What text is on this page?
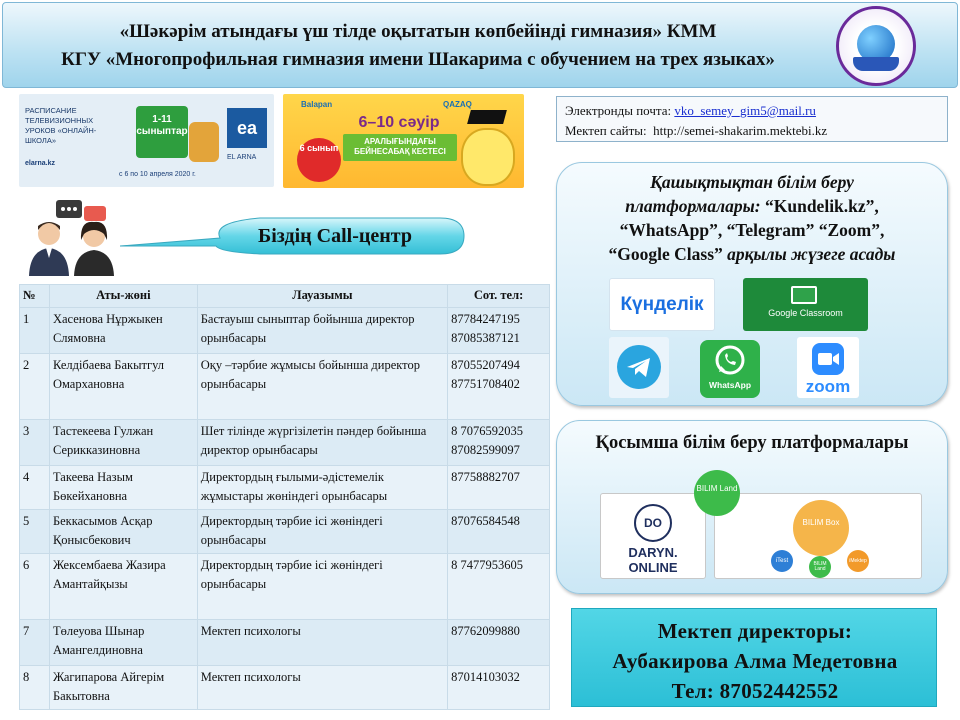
«Шәкәрім атындағы үш тілде оқытатын көпбейінді гимназия» КММ
КГУ «Многопрофильная гимназия имени Шакарима с обучением на трех языках»
РАСПИСАНИЕ ТЕЛЕВИЗИОННЫХ УРОКОВ «ОНЛАЙН-ШКОЛА»
1-11 сыныптар	ea
EL ARNA
elarna.kz
с 6 по 10 апреля 2020 г.
Balapan	QAZAQ
6–10 сәуір
АРАЛЫҒЫНДАҒЫ БЕЙНЕСАБАҚ КЕСТЕСІ
6 сынып
Біздің Call-центр
№	Аты-жөні	Лауазымы	Сот. тел:
1	Хасенова Нұржыкен Слямовна	Бастауыш сыныптар бойынша директор орынбасары	87784247195
87085387121

2	Келдібаева Бакытгул Омархановна	Оқу –тәрбие жұмысы бойынша директор орынбасары	87055207494
87751708402

3	Тастекеева Гулжан Серикказиновна	Шет тілінде жүргізілетін пәндер бойынша директор орынбасары	8 7076592035
87082599097

4	Такеева Назым Бөкейхановна	Директордың ғылыми-әдістемелік жұмыстары жөніндегі орынбасары	87758882707

5	Беккасымов Асқар Қонысбекович	Директордың тәрбие ісі жөніндегі орынбасары	87076584548

6	Жексембаева Жазира Амантайқызы	Директордың тәрбие ісі жөніндегі орынбасары	8 7477953605

7	Төлеуова Шынар Амангелдиновна	Мектеп психологы	87762099880

8	Жагипарова Айгерім Бакытовна	Мектеп психологы	87014103032
Электронды почта: vko_semey_gim5@mail.ru
Мектеп сайты: http://semei-shakarim.mektebi.kz
Қашықтықтан білім беру
платформалары: “Kundelik.kz”,
“WhatsApp”, “Telegram” “Zoom”,
“Google Class” арқылы жүзеге асады
Күнделік	Google Classroom
WhatsApp	zoom
Қосымша білім беру платформалары
DO
DARYN.
ONLINE
BILIM Box
iTest	BILIM Land
iMektep
BILIM Land
Мектеп директоры:
Аубакирова Алма Медетовна
Тел: 87052442552
